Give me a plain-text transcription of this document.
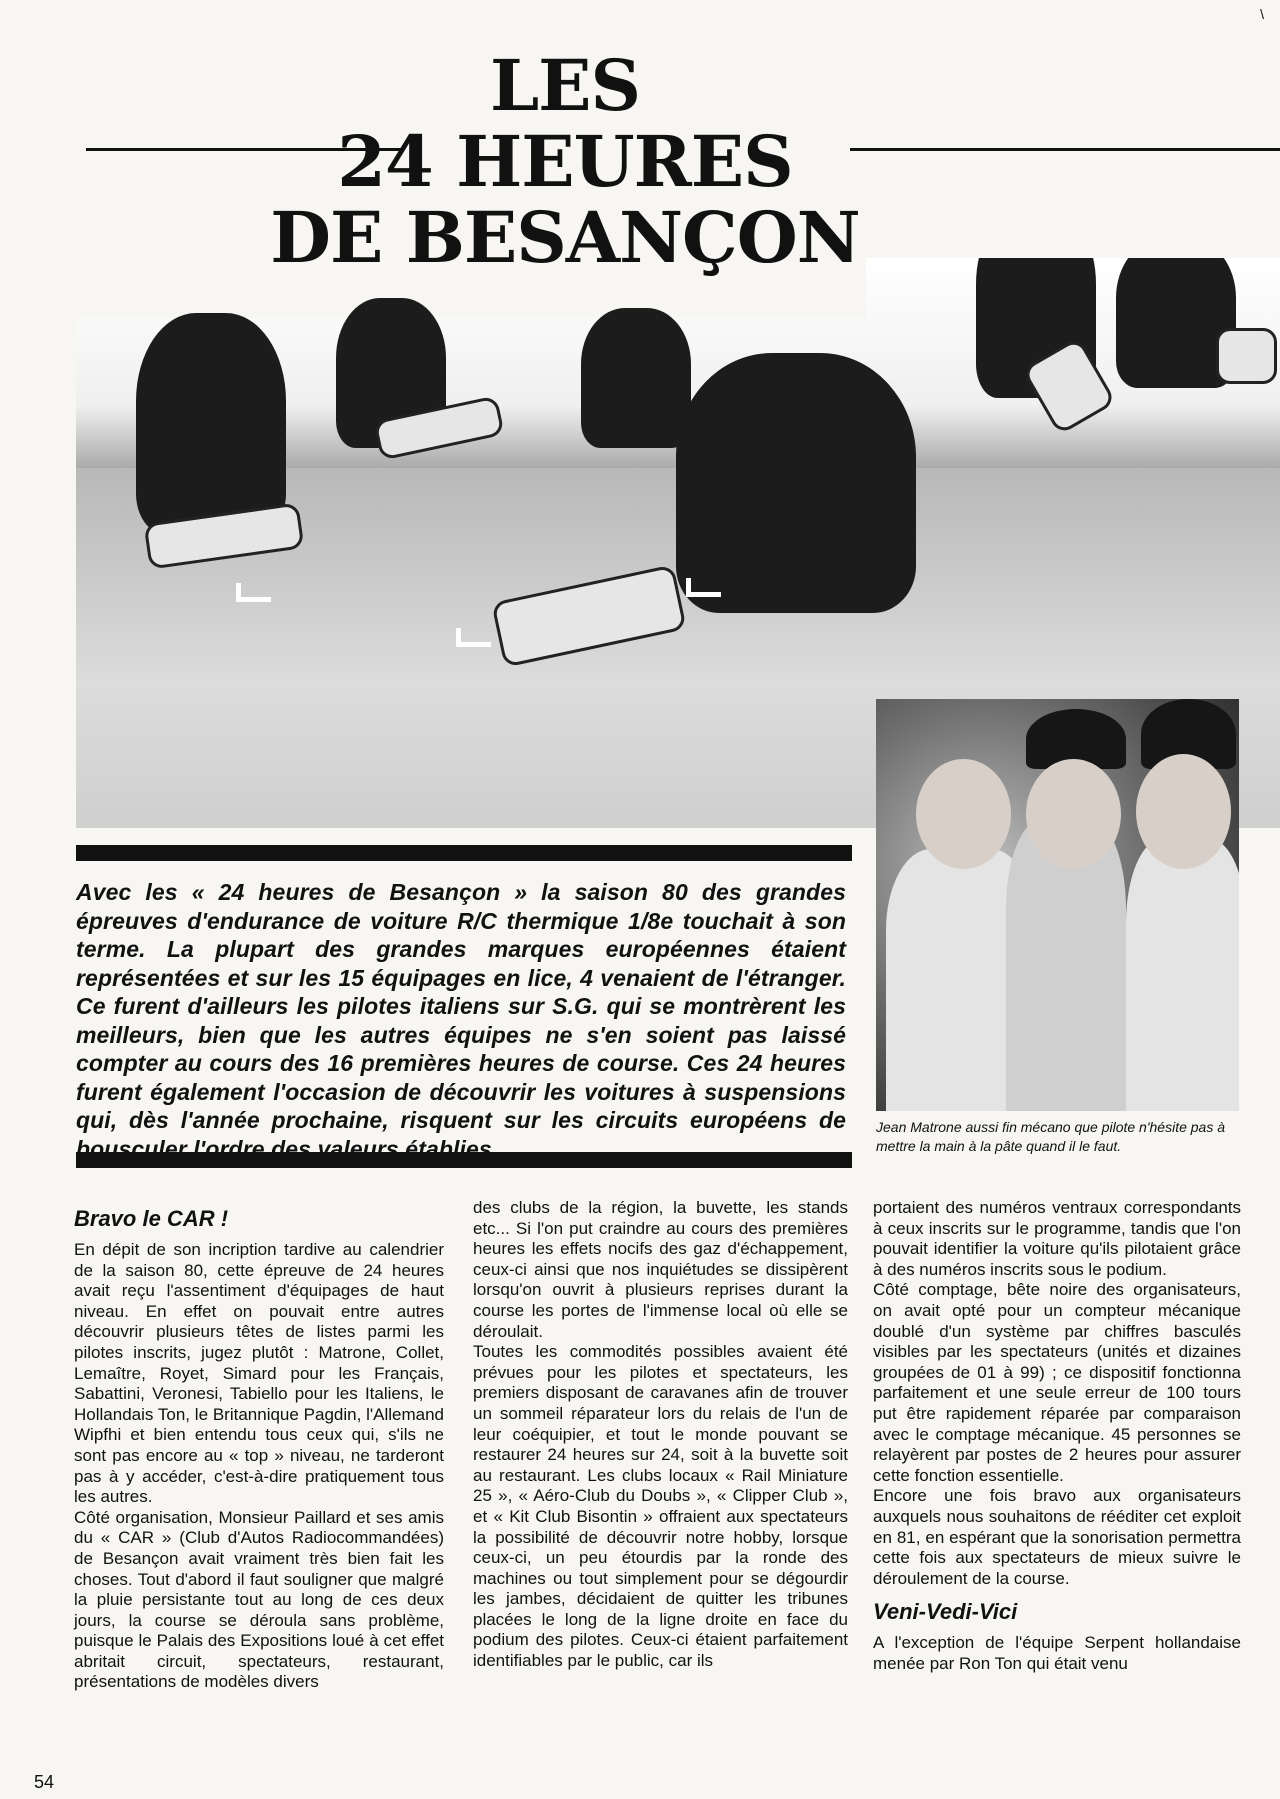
\
LES
24 HEURES
DE BESANÇON
Avec les « 24 heures de Besançon » la saison 80 des grandes épreuves d'endurance de voiture R/C thermique 1/8e touchait à son terme. La plupart des grandes marques européennes étaient représentées et sur les 15 équipages en lice, 4 venaient de l'étranger. Ce furent d'ailleurs les pilotes italiens sur S.G. qui se montrèrent les meilleurs, bien que les autres équipes ne s'en soient pas laissé compter au cours des 16 premières heures de course. Ces 24 heures furent également l'occasion de découvrir les voitures à suspensions qui, dès l'année prochaine, risquent sur les circuits européens de bousculer l'ordre des valeurs établies.
Jean Matrone aussi fin mécano que pilote n'hésite pas à mettre la main à la pâte quand il le faut.
Bravo le CAR !

En dépit de son incription tardive au calendrier de la saison 80, cette épreuve de 24 heures avait reçu l'assentiment d'équipages de haut niveau. En effet on pouvait entre autres découvrir plusieurs têtes de listes parmi les pilotes inscrits, jugez plutôt : Matrone, Collet, Lemaître, Royet, Simard pour les Français, Sabattini, Veronesi, Tabiello pour les Italiens, le Hollandais Ton, le Britannique Pagdin, l'Allemand Wipfhi et bien entendu tous ceux qui, s'ils ne sont pas encore au « top » niveau, ne tarderont pas à y accéder, c'est-à-dire pratiquement tous les autres.

Côté organisation, Monsieur Paillard et ses amis du « CAR » (Club d'Autos Radiocommandées) de Besançon avait vraiment très bien fait les choses. Tout d'abord il faut souligner que malgré la pluie persistante tout au long de ces deux jours, la course se déroula sans problème, puisque le Palais des Expositions loué à cet effet abritait circuit, spectateurs, restaurant, présentations de modèles divers

des clubs de la région, la buvette, les stands etc... Si l'on put craindre au cours des premières heures les effets nocifs des gaz d'échappement, ceux-ci ainsi que nos inquiétudes se dissipèrent lorsqu'on ouvrit à plusieurs reprises durant la course les portes de l'immense local où elle se déroulait.

Toutes les commodités possibles avaient été prévues pour les pilotes et spectateurs, les premiers disposant de caravanes afin de trouver un sommeil réparateur lors du relais de l'un de leur coéquipier, et tout le monde pouvant se restaurer 24 heures sur 24, soit à la buvette soit au restaurant. Les clubs locaux « Rail Miniature 25 », « Aéro-Club du Doubs », « Clipper Club », et « Kit Club Bisontin » offraient aux spectateurs la possibilité de découvrir notre hobby, lorsque ceux-ci, un peu étourdis par la ronde des machines ou tout simplement pour se dégourdir les jambes, décidaient de quitter les tribunes placées le long de la ligne droite en face du podium des pilotes. Ceux-ci étaient parfaitement identifiables par le public, car ils

portaient des numéros ventraux correspondants à ceux inscrits sur le programme, tandis que l'on pouvait identifier la voiture qu'ils pilotaient grâce à des numéros inscrits sous le podium.

Côté comptage, bête noire des organisateurs, on avait opté pour un compteur mécanique doublé d'un système par chiffres basculés visibles par les spectateurs (unités et dizaines groupées de 01 à 99) ; ce dispositif fonctionna parfaitement et une seule erreur de 100 tours put être rapidement réparée par comparaison avec le comptage mécanique. 45 personnes se relayèrent par postes de 2 heures pour assurer cette fonction essentielle.

Encore une fois bravo aux organisateurs auxquels nous souhaitons de rééditer cet exploit en 81, en espérant que la sonorisation permettra cette fois aux spectateurs de mieux suivre le déroulement de la course.

Veni-Vedi-Vici

A l'exception de l'équipe Serpent hollandaise menée par Ron Ton qui était venu

54
